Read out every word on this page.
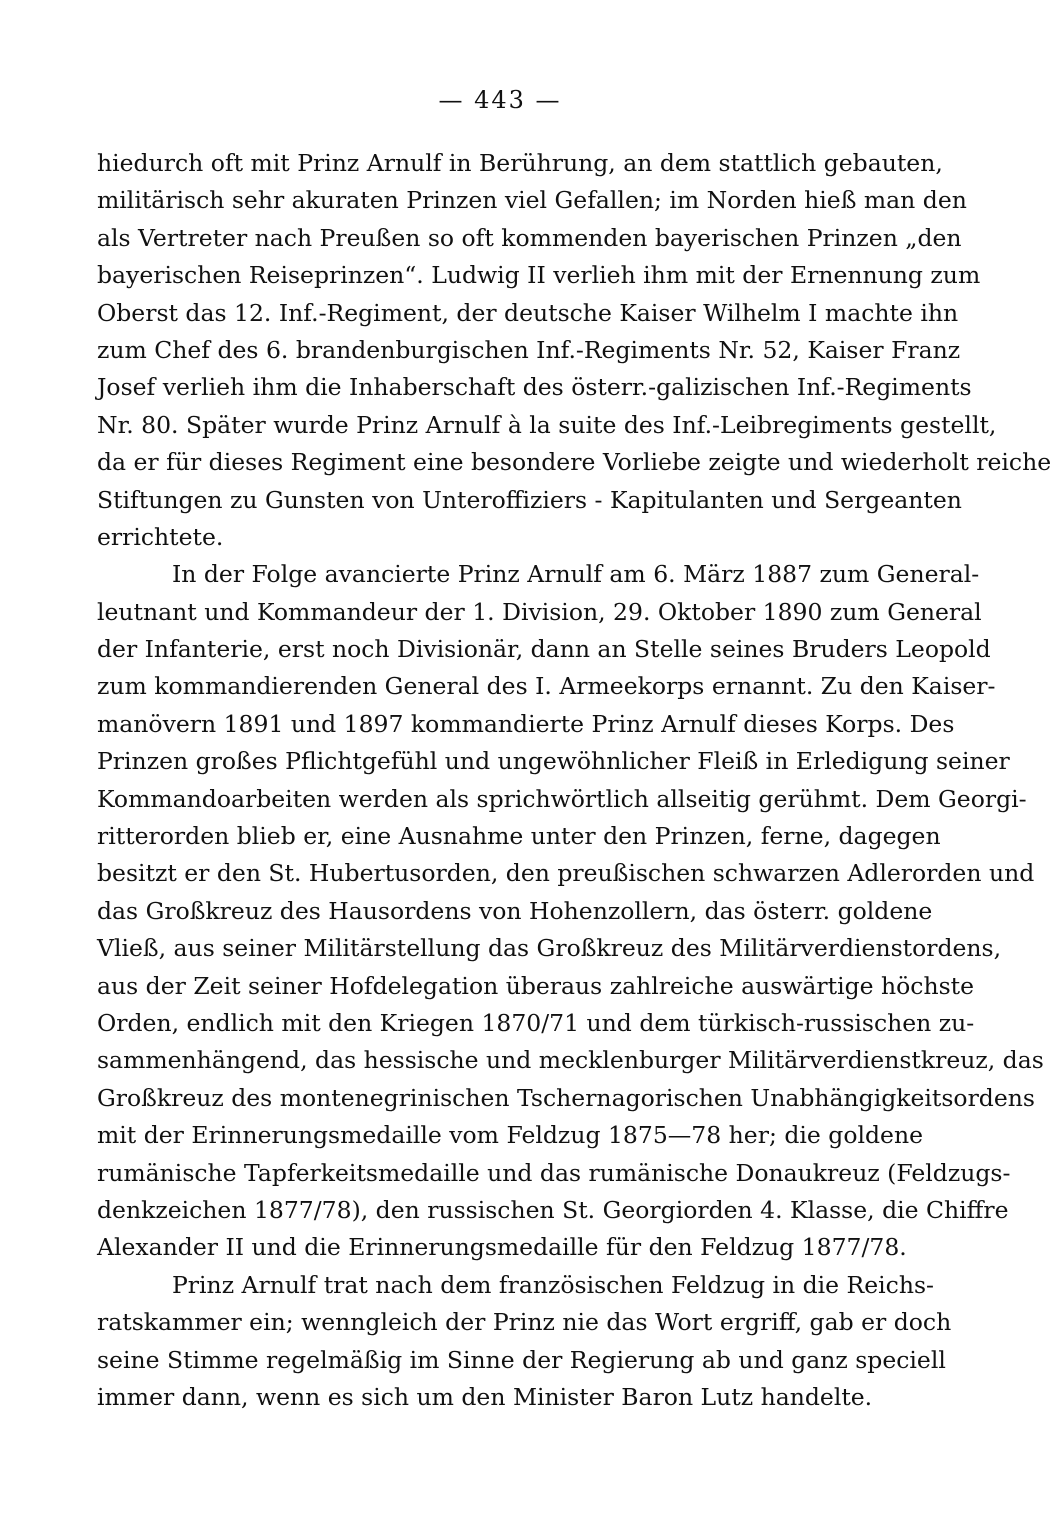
— 443 —
hiedurch oft mit Prinz Arnulf in Berührung, an dem stattlich gebauten,
militärisch sehr akuraten Prinzen viel Gefallen; im Norden hieß man den
als Vertreter nach Preußen so oft kommenden bayerischen Prinzen „den
bayerischen Reiseprinzen“. Ludwig II verlieh ihm mit der Ernennung zum
Oberst das 12. Inf.-Regiment, der deutsche Kaiser Wilhelm I machte ihn
zum Chef des 6. brandenburgischen Inf.-Regiments Nr. 52, Kaiser Franz
Josef verlieh ihm die Inhaberschaft des österr.-galizischen Inf.-Regiments
Nr. 80. Später wurde Prinz Arnulf à la suite des Inf.-Leibregiments gestellt,
da er für dieses Regiment eine besondere Vorliebe zeigte und wiederholt reiche
Stiftungen zu Gunsten von Unteroffiziers - Kapitulanten und Sergeanten
errichtete.
In der Folge avancierte Prinz Arnulf am 6. März 1887 zum General-
leutnant und Kommandeur der 1. Division, 29. Oktober 1890 zum General
der Infanterie, erst noch Divisionär, dann an Stelle seines Bruders Leopold
zum kommandierenden General des I. Armeekorps ernannt. Zu den Kaiser-
manövern 1891 und 1897 kommandierte Prinz Arnulf dieses Korps. Des
Prinzen großes Pflichtgefühl und ungewöhnlicher Fleiß in Erledigung seiner
Kommandoarbeiten werden als sprichwörtlich allseitig gerühmt. Dem Georgi-
ritterorden blieb er, eine Ausnahme unter den Prinzen, ferne, dagegen
besitzt er den St. Hubertusorden, den preußischen schwarzen Adlerorden und
das Großkreuz des Hausordens von Hohenzollern, das österr. goldene
Vließ, aus seiner Militärstellung das Großkreuz des Militärverdienstordens,
aus der Zeit seiner Hofdelegation überaus zahlreiche auswärtige höchste
Orden, endlich mit den Kriegen 1870/71 und dem türkisch-russischen zu-
sammenhängend, das hessische und mecklenburger Militärverdienstkreuz, das
Großkreuz des montenegrinischen Tschernagorischen Unabhängigkeitsordens
mit der Erinnerungsmedaille vom Feldzug 1875—78 her; die goldene
rumänische Tapferkeitsmedaille und das rumänische Donaukreuz (Feldzugs-
denkzeichen 1877/78), den russischen St. Georgiorden 4. Klasse, die Chiffre
Alexander II und die Erinnerungsmedaille für den Feldzug 1877/78.
Prinz Arnulf trat nach dem französischen Feldzug in die Reichs-
ratskammer ein; wenngleich der Prinz nie das Wort ergriff, gab er doch
seine Stimme regelmäßig im Sinne der Regierung ab und ganz speciell
immer dann, wenn es sich um den Minister Baron Lutz handelte.
